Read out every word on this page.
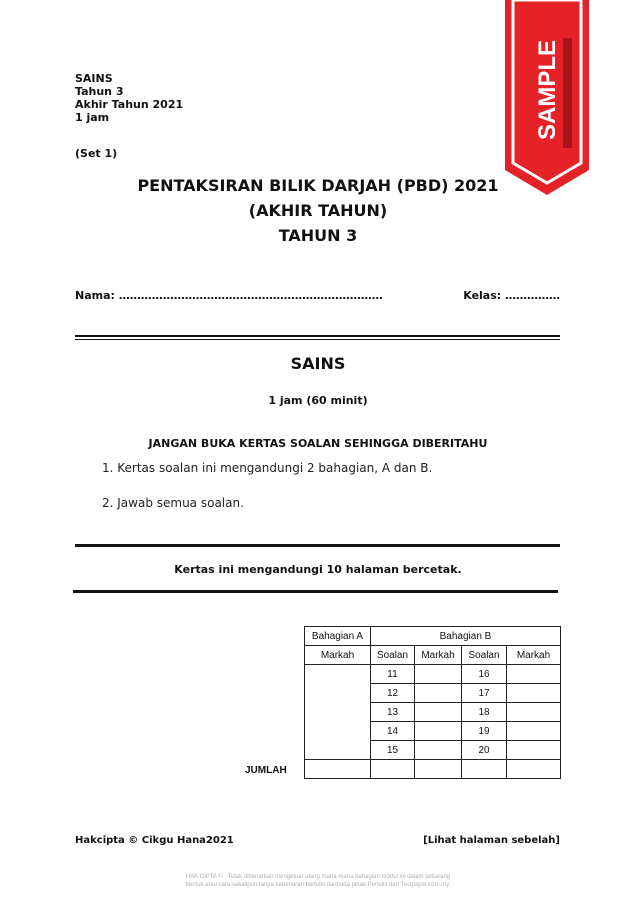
SAMPLE
SAINS
Tahun 3
Akhir Tahun 2021
1 jam
(Set 1)
PENTAKSIRAN BILIK DARJAH (PBD) 2021
(AKHIR TAHUN)
TAHUN 3
Nama: ………………………………………………………………	Kelas: ……………
SAINS
1 jam (60 minit)
JANGAN BUKA KERTAS SOALAN SEHINGGA DIBERITAHU
1. Kertas soalan ini mengandungi 2 bahagian, A dan B.
2. Jawab semua soalan.
Kertas ini mengandungi 10 halaman bercetak.
Bahagian A	Bahagian B			
Markah	Soalan	Markah	Soalan	Markah
	11		16	
	12		17	
	13		18	
	14		19	
	15		20	

JUMLAH
Hakcipta © Cikgu Hana2021	[Lihat halaman sebelah]
HAK CIPTA © : Tidak dibenarkan mengeluar ulang mana-mana bahagian modul ini dalam sebarang
bentuk atau cara sekalipun tanpa kebenaran bertulis daripada pihak Penulis dan Testpaper.com.my.
